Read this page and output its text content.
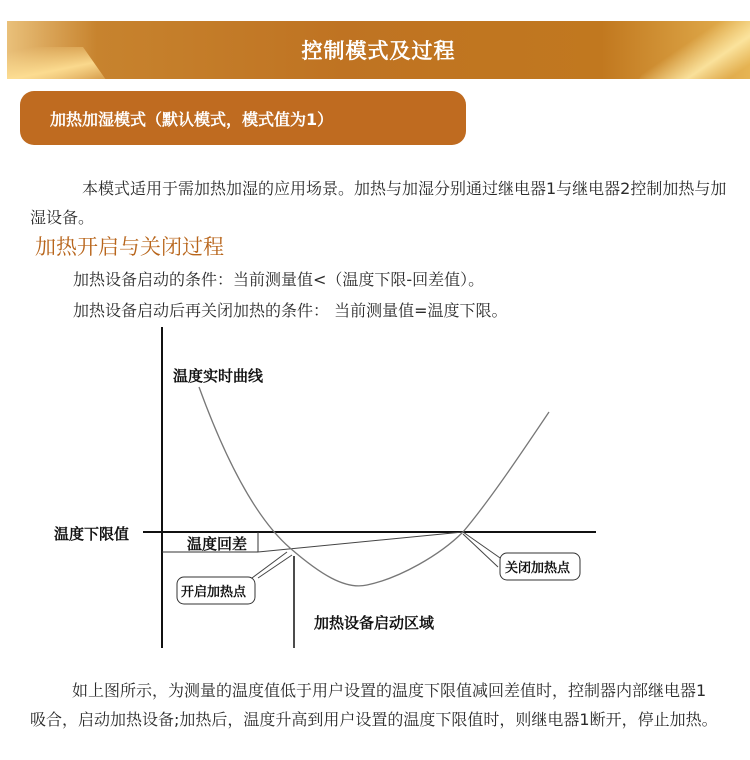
控制模式及过程
加热加湿模式（默认模式，模式值为1）
本模式适用于需加热加湿的应用场景。加热与加湿分别通过继电器1与继电器2控制加热与加湿设备。
加热开启与关闭过程
加热设备启动的条件：当前测量值<（温度下限-回差值）。
加热设备启动后再关闭加热的条件： 当前测量值=温度下限。
温度实时曲线
温度下限值
温度回差
开启加热点
关闭加热点
加热设备启动区域
如上图所示，为测量的温度值低于用户设置的温度下限值减回差值时，控制器内部继电器1吸合，启动加热设备;加热后，温度升高到用户设置的温度下限值时，则继电器1断开，停止加热。
